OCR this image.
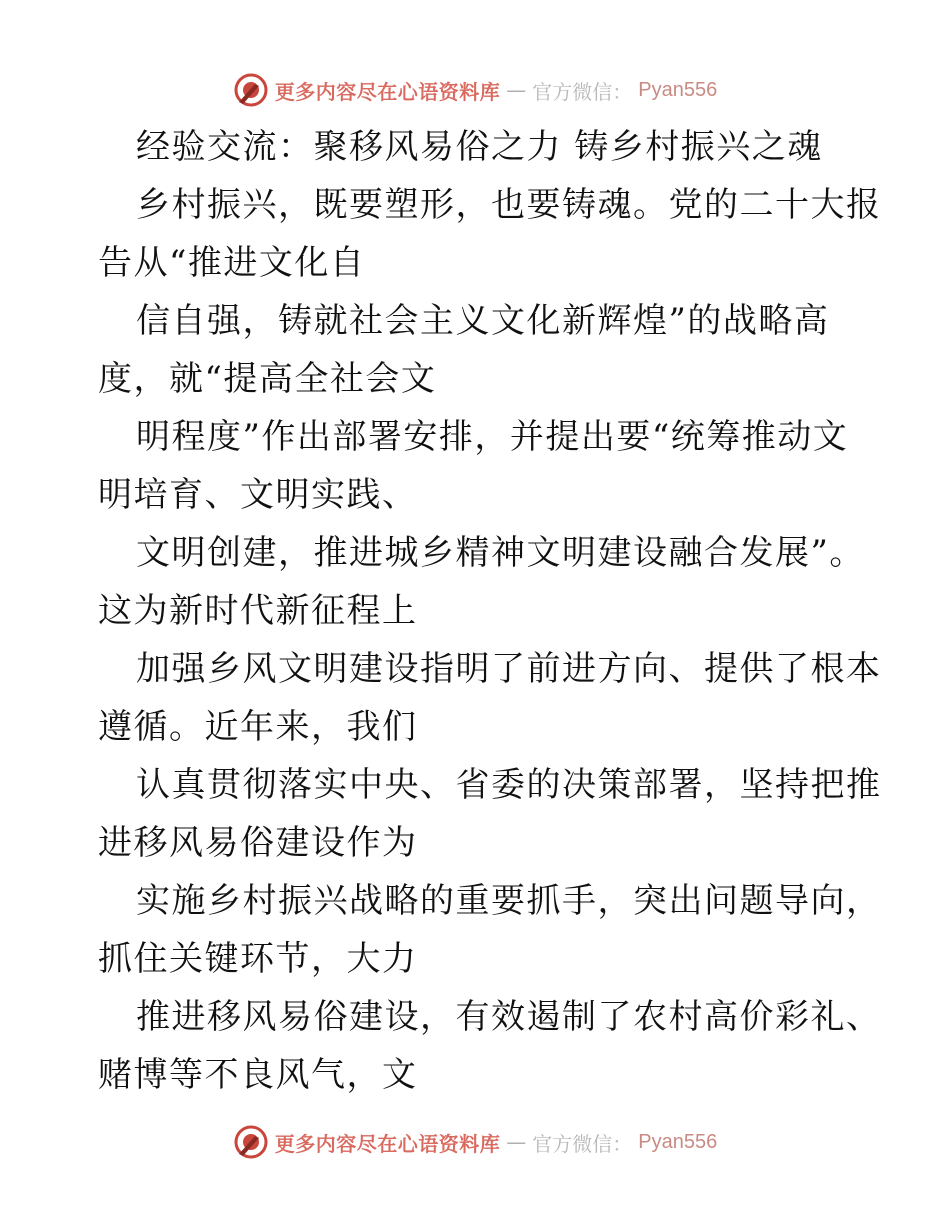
更多内容尽在心语资料库 — 官方微信： Pyan556
经验交流：聚移风易俗之力 铸乡村振兴之魂
乡村振兴，既要塑形，也要铸魂。党的二十大报
告从“推进文化自
信自强，铸就社会主义文化新辉煌”的战略高
度，就“提高全社会文
明程度”作出部署安排，并提出要“统筹推动文
明培育、文明实践、
文明创建，推进城乡精神文明建设融合发展”。
这为新时代新征程上
加强乡风文明建设指明了前进方向、提供了根本
遵循。近年来，我们
认真贯彻落实中央、省委的决策部署，坚持把推
进移风易俗建设作为
实施乡村振兴战略的重要抓手，突出问题导向，
抓住关键环节，大力
推进移风易俗建设，有效遏制了农村高价彩礼、
赌博等不良风气，文
更多内容尽在心语资料库 — 官方微信： Pyan556
